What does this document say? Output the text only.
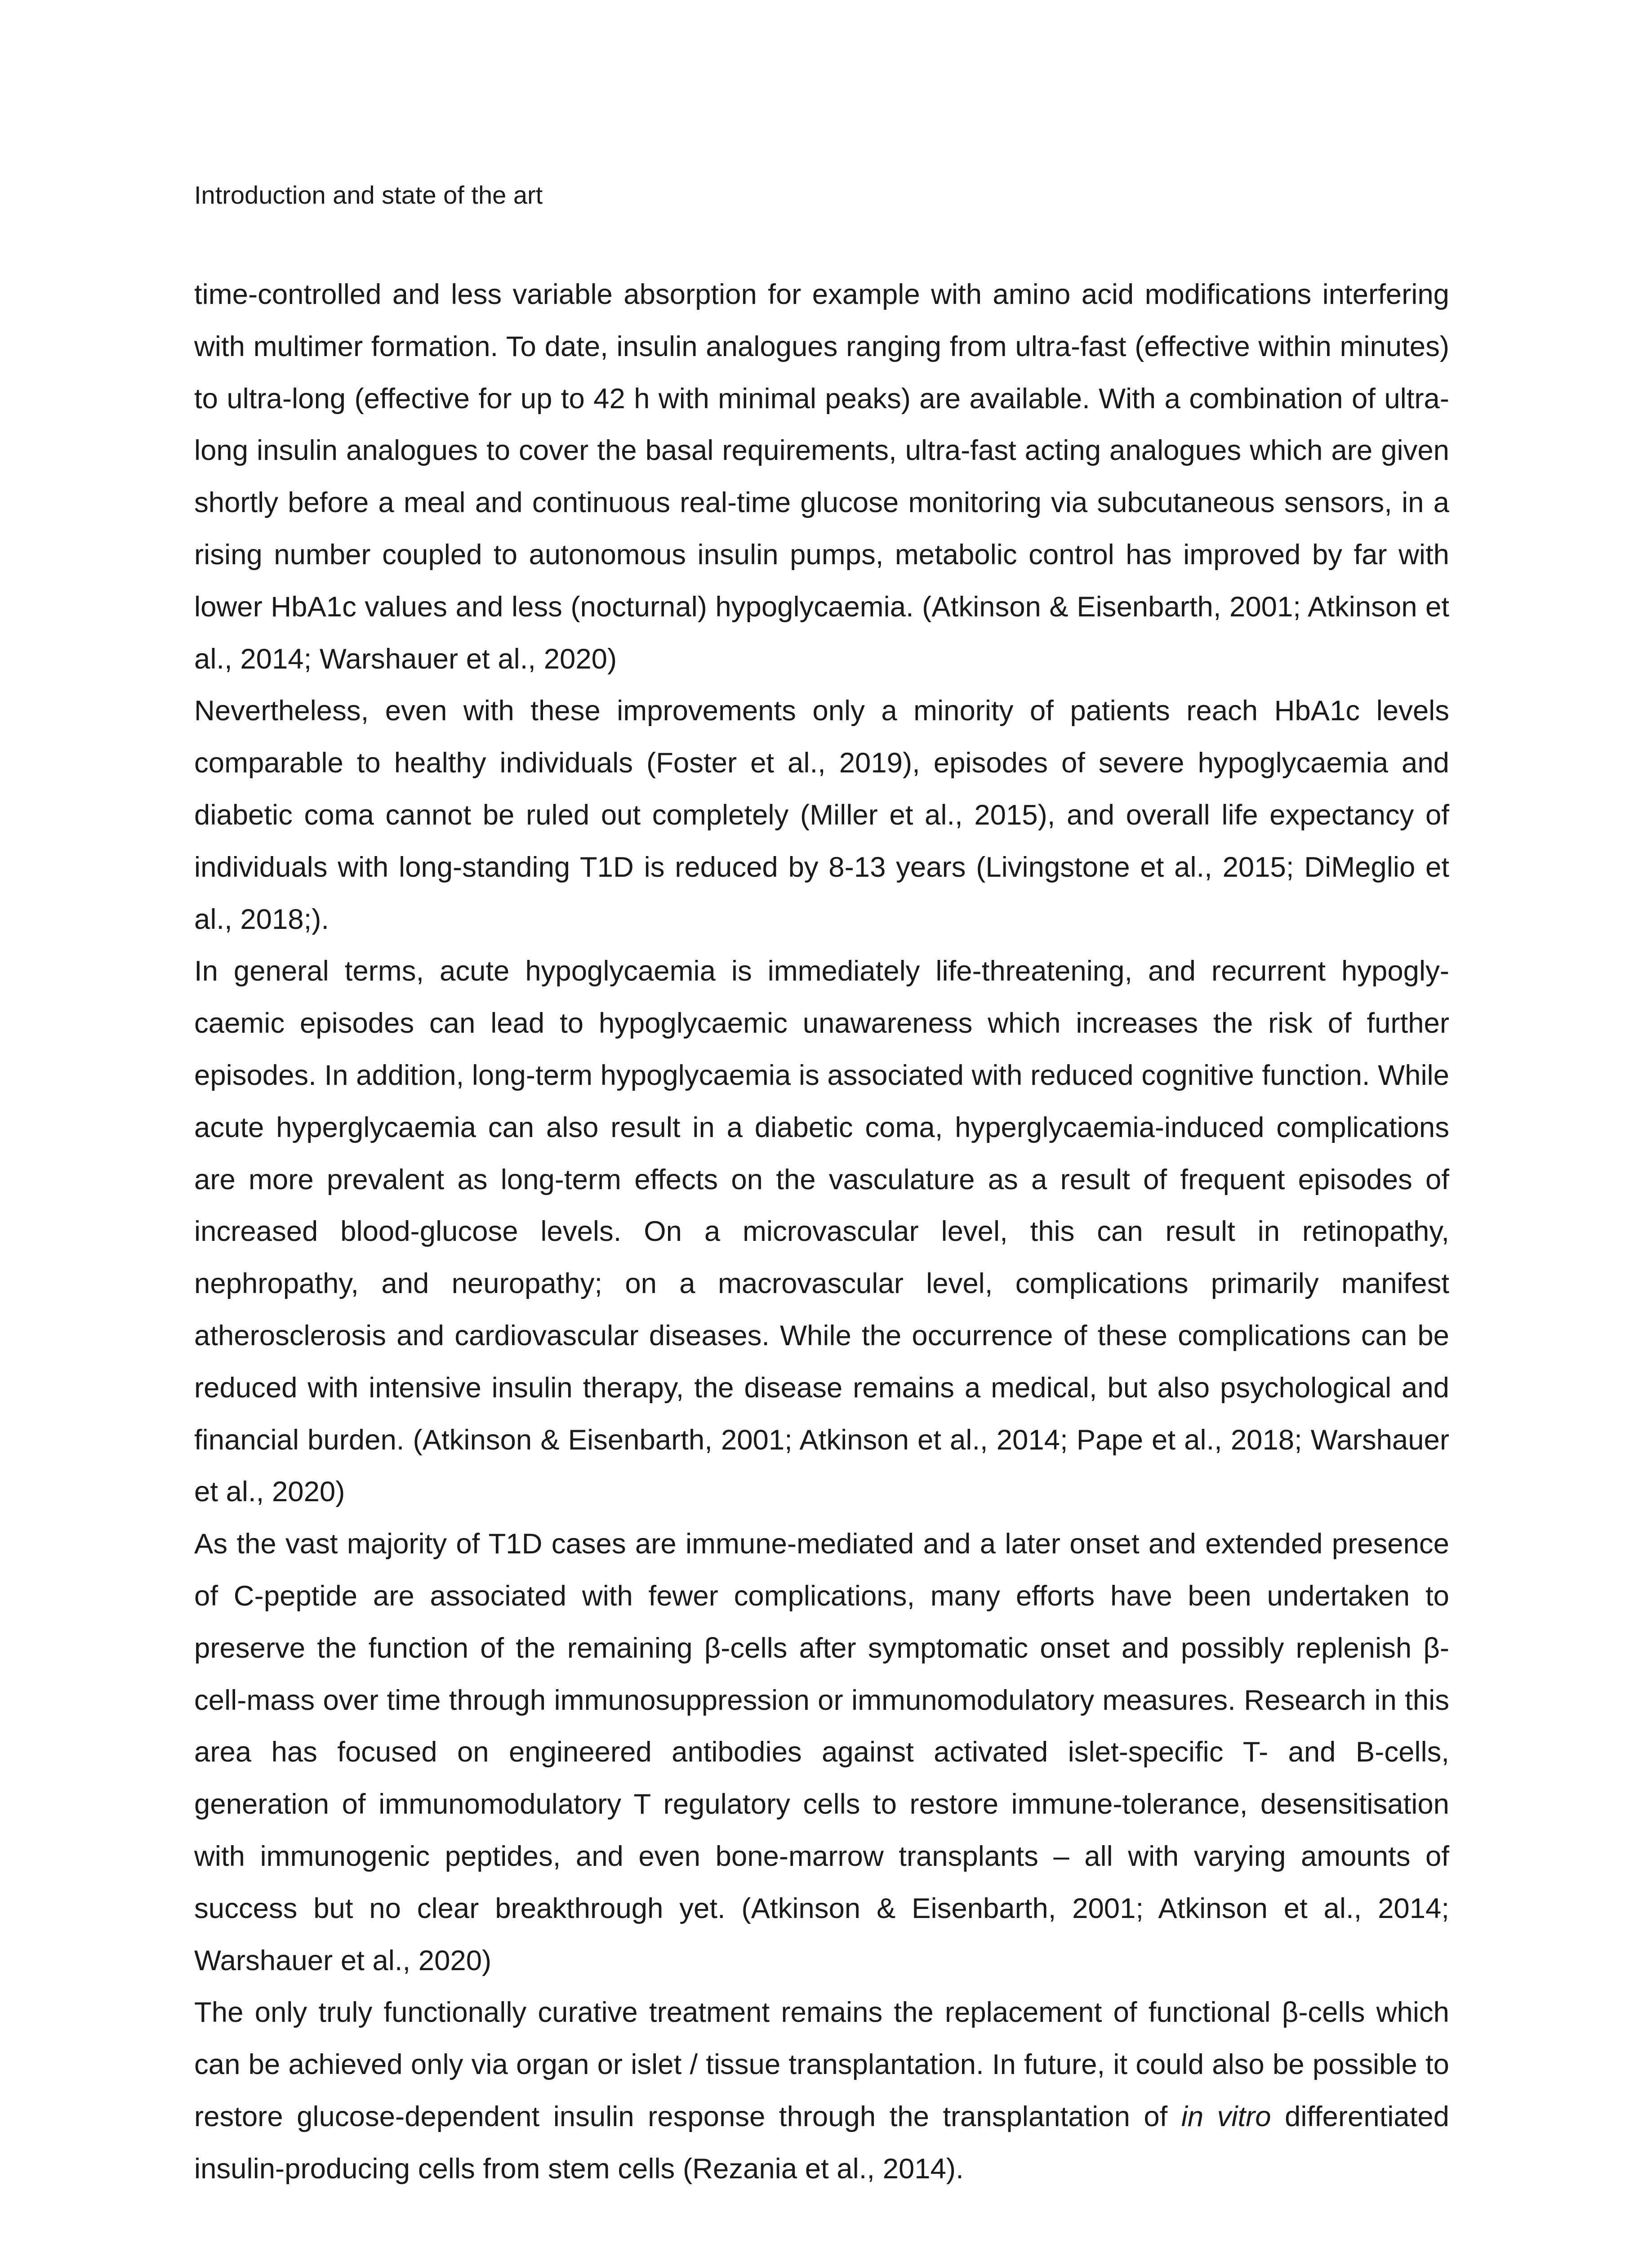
Introduction and state of the art

time-controlled and less variable absorption for example with amino acid modifications interfering with multimer formation. To date, insulin analogues ranging from ultra-fast (effective within minutes) to ultra-long (effective for up to 42 h with minimal peaks) are available. With a combination of ultra-long insulin analogues to cover the basal requirements, ultra-fast acting analogues which are given shortly before a meal and continuous real-time glucose monitoring via subcutaneous sensors, in a rising number coupled to autonomous insulin pumps, metabolic control has improved by far with lower HbA1c values and less (nocturnal) hypoglycaemia. (Atkinson & Eisenbarth, 2001; Atkinson et al., 2014; Warshauer et al., 2020)

Nevertheless, even with these improvements only a minority of patients reach HbA1c levels comparable to healthy individuals (Foster et al., 2019), episodes of severe hypoglycaemia and diabetic coma cannot be ruled out completely (Miller et al., 2015), and overall life expectancy of individuals with long-standing T1D is reduced by 8-13 years (Livingstone et al., 2015; DiMeglio et al., 2018;).

In general terms, acute hypoglycaemia is immediately life-threatening, and recurrent hypoglycaemic episodes can lead to hypoglycaemic unawareness which increases the risk of further episodes. In addition, long-term hypoglycaemia is associated with reduced cognitive function. While acute hyperglycaemia can also result in a diabetic coma, hyperglycaemia-induced complications are more prevalent as long-term effects on the vasculature as a result of frequent episodes of increased blood-glucose levels. On a microvascular level, this can result in retinopathy, nephropathy, and neuropathy; on a macrovascular level, complications primarily manifest atherosclerosis and cardiovascular diseases. While the occurrence of these complications can be reduced with intensive insulin therapy, the disease remains a medical, but also psychological and financial burden. (Atkinson & Eisenbarth, 2001; Atkinson et al., 2014; Pape et al., 2018; Warshauer et al., 2020)

As the vast majority of T1D cases are immune-mediated and a later onset and extended presence of C-peptide are associated with fewer complications, many efforts have been undertaken to preserve the function of the remaining β-cells after symptomatic onset and possibly replenish β-cell-mass over time through immunosuppression or immunomodulatory measures. Research in this area has focused on engineered antibodies against activated islet-specific T- and B-cells, generation of immunomodulatory T regulatory cells to restore immune-tolerance, desensitisation with immunogenic peptides, and even bone-marrow transplants – all with varying amounts of success but no clear breakthrough yet. (Atkinson & Eisenbarth, 2001; Atkinson et al., 2014; Warshauer et al., 2020)

The only truly functionally curative treatment remains the replacement of functional β-cells which can be achieved only via organ or islet / tissue transplantation. In future, it could also be possible to restore glucose-dependent insulin response through the transplantation of in vitro differentiated insulin-producing cells from stem cells (Rezania et al., 2014).
